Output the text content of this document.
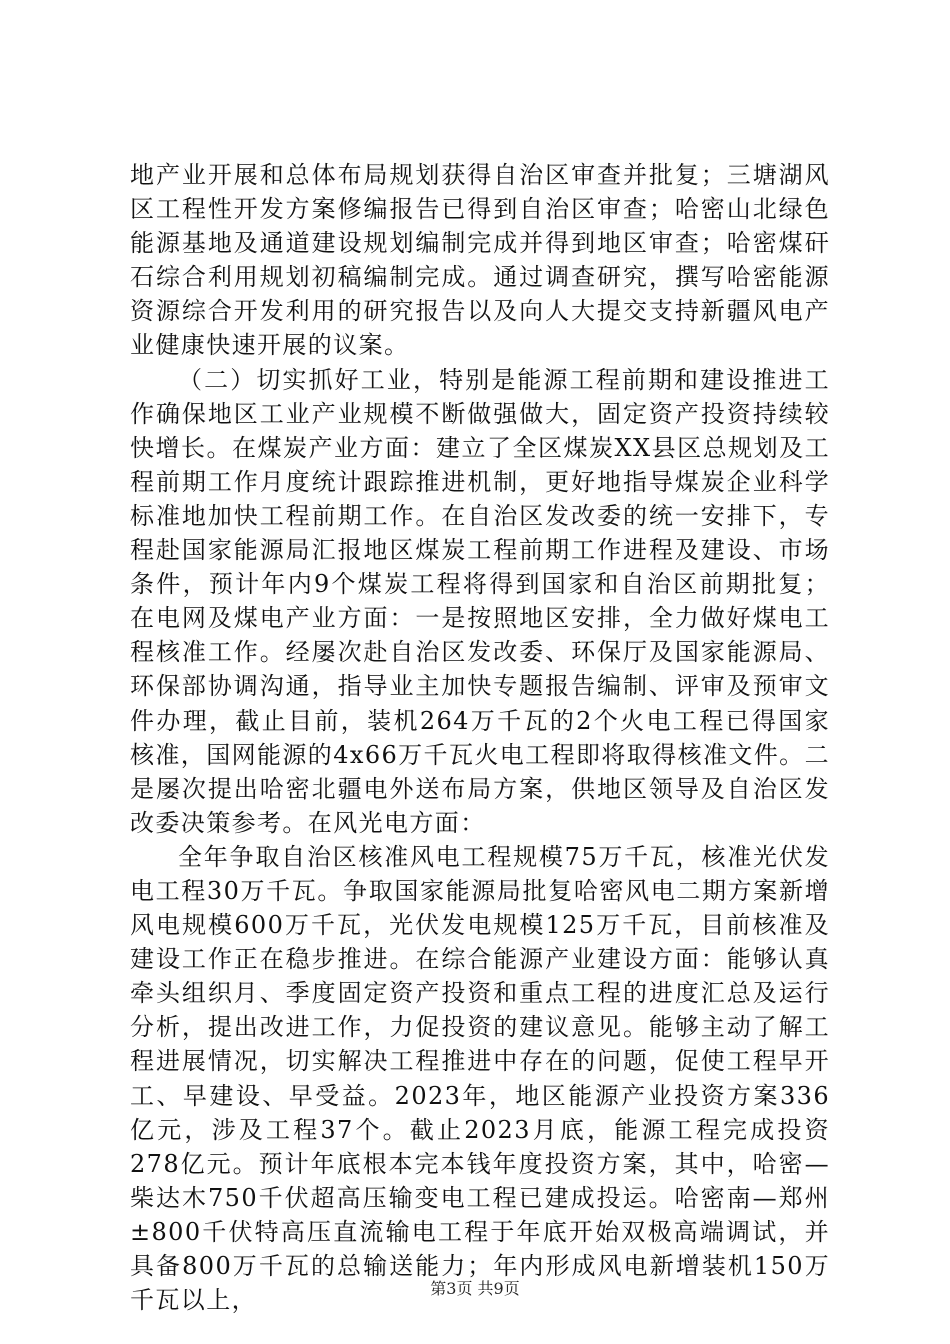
地产业开展和总体布局规划获得自治区审查并批复；三塘湖风区工程性开发方案修编报告已得到自治区审查；哈密山北绿色能源基地及通道建设规划编制完成并得到地区审查；哈密煤矸石综合利用规划初稿编制完成。通过调查研究，撰写哈密能源资源综合开发利用的研究报告以及向人大提交支持新疆风电产业健康快速开展的议案。

（二）切实抓好工业，特别是能源工程前期和建设推进工作确保地区工业产业规模不断做强做大，固定资产投资持续较快增长。在煤炭产业方面：建立了全区煤炭XX县区总规划及工程前期工作月度统计跟踪推进机制，更好地指导煤炭企业科学标准地加快工程前期工作。在自治区发改委的统一安排下，专程赴国家能源局汇报地区煤炭工程前期工作进程及建设、市场条件，预计年内9个煤炭工程将得到国家和自治区前期批复；在电网及煤电产业方面：一是按照地区安排，全力做好煤电工程核准工作。经屡次赴自治区发改委、环保厅及国家能源局、环保部协调沟通，指导业主加快专题报告编制、评审及预审文件办理，截止目前，装机264万千瓦的2个火电工程已得国家核准，国网能源的4x66万千瓦火电工程即将取得核准文件。二是屡次提出哈密北疆电外送布局方案，供地区领导及自治区发改委决策参考。在风光电方面：

全年争取自治区核准风电工程规模75万千瓦，核准光伏发电工程30万千瓦。争取国家能源局批复哈密风电二期方案新增风电规模600万千瓦，光伏发电规模125万千瓦，目前核准及建设工作正在稳步推进。在综合能源产业建设方面：能够认真牵头组织月、季度固定资产投资和重点工程的进度汇总及运行分析，提出改进工作，力促投资的建议意见。能够主动了解工程进展情况，切实解决工程推进中存在的问题，促使工程早开工、早建设、早受益。2023年，地区能源产业投资方案336亿元，涉及工程37个。截止2023月底，能源工程完成投资278亿元。预计年底根本完本钱年度投资方案，其中，哈密—柴达木750千伏超高压输变电工程已建成投运。哈密南—郑州±800千伏特高压直流输电工程于年底开始双极高端调试，并具备800万千瓦的总输送能力；年内形成风电新增装机150万千瓦以上，	第3页 共9页
